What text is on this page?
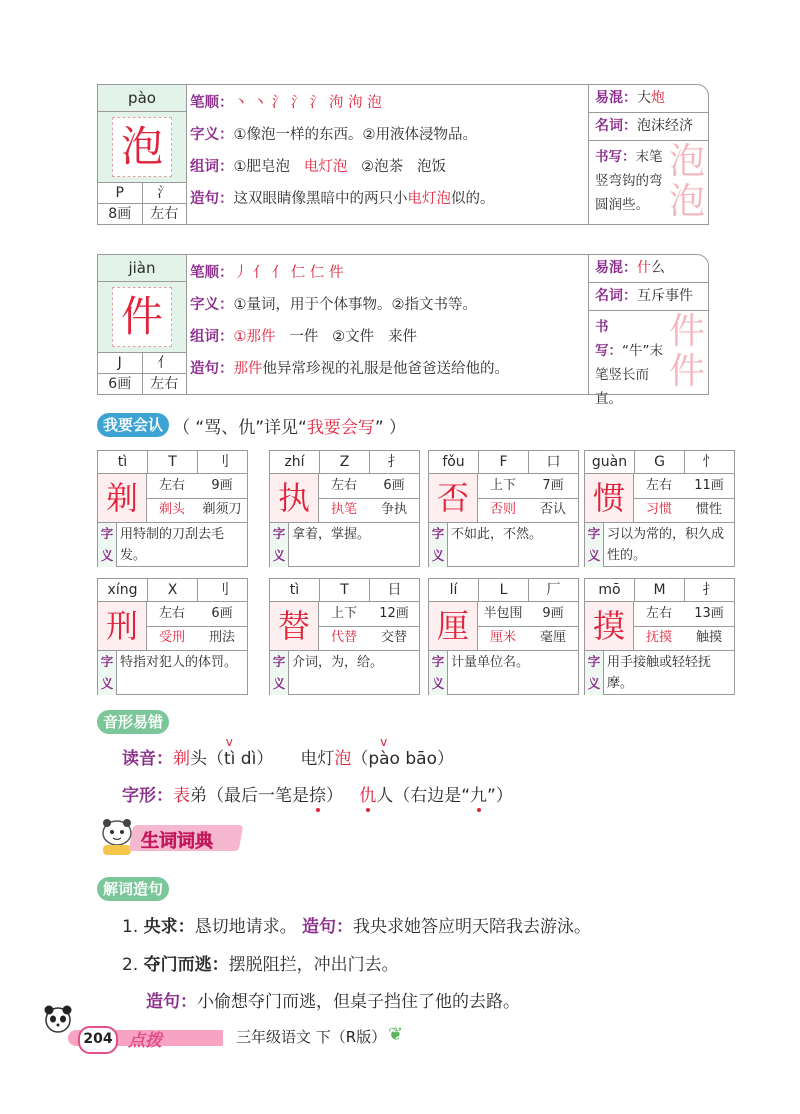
pào
泡
P	氵
8画	左右
笔顺：丶 丶 氵 氵 氵 泃 泃 泡
字义：①像泡一样的东西。②用液体浸物品。
组词：①肥皂泡 电灯泡 ②泡茶 泡饭
造句：这双眼睛像黑暗中的两只小电灯泡似的。
易混：大炮
名词：泡沫经济
书写：末笔竖弯钩的弯圆润些。
泡
泡
jiàn
件
J	亻
6画	左右
笔顺：丿 亻 亻 仁 仁 件
字义：①量词，用于个体事物。②指文书等。
组词：①那件 一件 ②文件 来件
造句：那件他异常珍视的礼服是他爸爸送给他的。
易混：什么
名词：互斥事件
书写：“牛”末笔竖长而直。
件
件
我要会认 （ “骂、仇”详见“我要会写” ）
tì	T	刂
剃	左右	9画
剃头	剃须刀
字义
用特制的刀刮去毛发。
zhí	Z	扌
执	左右	6画
执笔	争执
字义
拿着，掌握。
fǒu	F	口
否	上下	7画
否则	否认
字义
不如此，不然。
guàn	G	忄
惯	左右	11画
习惯	惯性
字义
习以为常的，积久成性的。
xíng	X	刂
刑	左右	6画
受刑	刑法
字义
特指对犯人的体罚。
tì	T	日
替	上下	12画
代替	交替
字义
介词，为，给。
lí	L	厂
厘	半包围	9画
厘米	毫厘
字义
计量单位名。
mō	M	扌
摸	左右	13画
抚摸	触摸
字义
用手接触或轻轻抚摩。
音形易错
读音：剃头（v tì dì） 电灯泡（v pào bāo）
字形：表弟（最后一笔是捺） 仇人（右边是“九”）
生词词典
解词造句
1. 央求：恳切地请求。 造句：我央求她答应明天陪我去游泳。
2. 夺门而逃：摆脱阻拦，冲出门去。
造句：小偷想夺门而逃，但桌子挡住了他的去路。
204 点拨	三年级语文 下（R版） ❦
